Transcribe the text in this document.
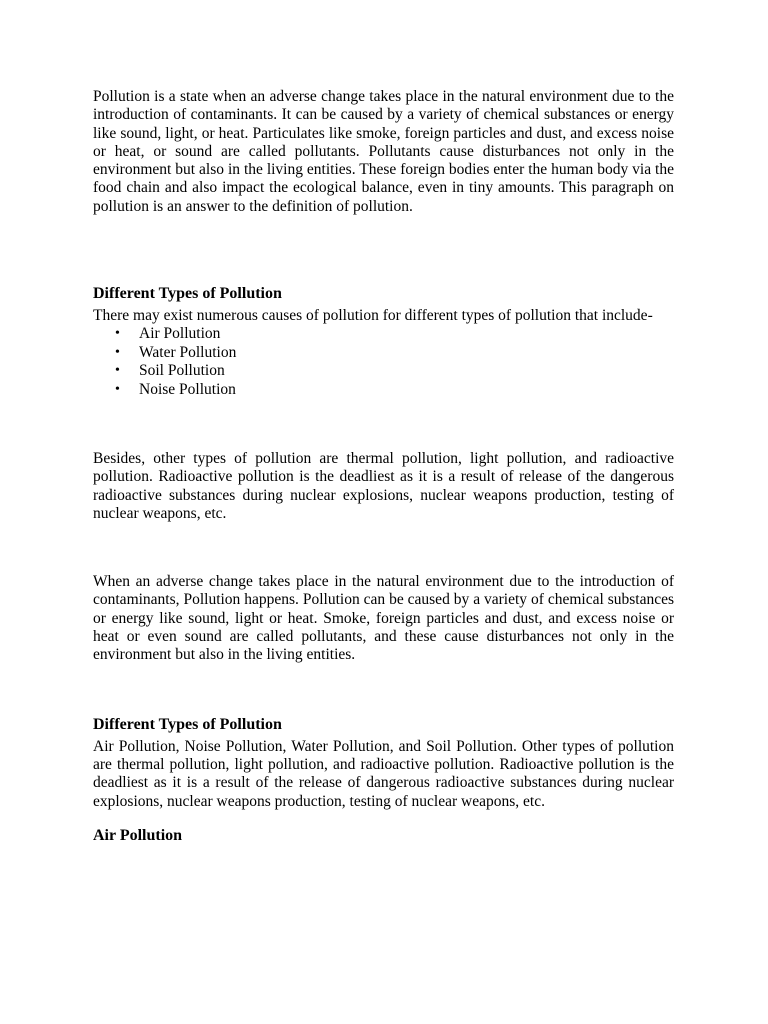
Pollution is a state when an adverse change takes place in the natural environment due to the introduction of contaminants. It can be caused by a variety of chemical substances or energy like sound, light, or heat. Particulates like smoke, foreign particles and dust, and excess noise or heat, or sound are called pollutants. Pollutants cause disturbances not only in the environment but also in the living entities. These foreign bodies enter the human body via the food chain and also impact the ecological balance, even in tiny amounts. This paragraph on pollution is an answer to the definition of pollution.

Different Types of Pollution

There may exist numerous causes of pollution for different types of pollution that include-

• Air Pollution
• Water Pollution
• Soil Pollution
• Noise Pollution

Besides, other types of pollution are thermal pollution, light pollution, and radioactive pollution. Radioactive pollution is the deadliest as it is a result of release of the dangerous radioactive substances during nuclear explosions, nuclear weapons production, testing of nuclear weapons, etc.

When an adverse change takes place in the natural environment due to the introduction of contaminants, Pollution happens. Pollution can be caused by a variety of chemical substances or energy like sound, light or heat. Smoke, foreign particles and dust, and excess noise or heat or even sound are called pollutants, and these cause disturbances not only in the environment but also in the living entities.

Different Types of Pollution

Air Pollution, Noise Pollution, Water Pollution, and Soil Pollution. Other types of pollution are thermal pollution, light pollution, and radioactive pollution. Radioactive pollution is the deadliest as it is a result of the release of dangerous radioactive substances during nuclear explosions, nuclear weapons production, testing of nuclear weapons, etc.

Air Pollution
